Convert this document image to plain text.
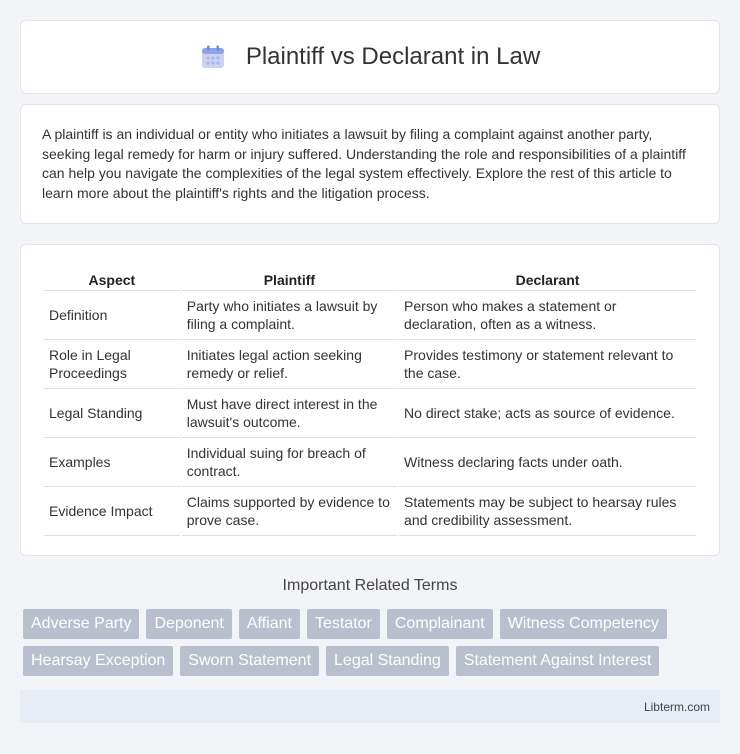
Plaintiff vs Declarant in Law

A plaintiff is an individual or entity who initiates a lawsuit by filing a complaint against another party, seeking legal remedy for harm or injury suffered. Understanding the role and responsibilities of a plaintiff can help you navigate the complexities of the legal system effectively. Explore the rest of this article to learn more about the plaintiff's rights and the litigation process.

Aspect	Plaintiff	Declarant
Definition	Party who initiates a lawsuit by filing a complaint.	Person who makes a statement or declaration, often as a witness.
Role in Legal Proceedings	Initiates legal action seeking remedy or relief.	Provides testimony or statement relevant to the case.
Legal Standing	Must have direct interest in the lawsuit's outcome.	No direct stake; acts as source of evidence.
Examples	Individual suing for breach of contract.	Witness declaring facts under oath.
Evidence Impact	Claims supported by evidence to prove case.	Statements may be subject to hearsay rules and credibility assessment.
Important Related Terms
Adverse Party	Deponent	Affiant	Testator	Complainant	Witness Competency
Hearsay Exception	Sworn Statement	Legal Standing	Statement Against Interest
Libterm.com
